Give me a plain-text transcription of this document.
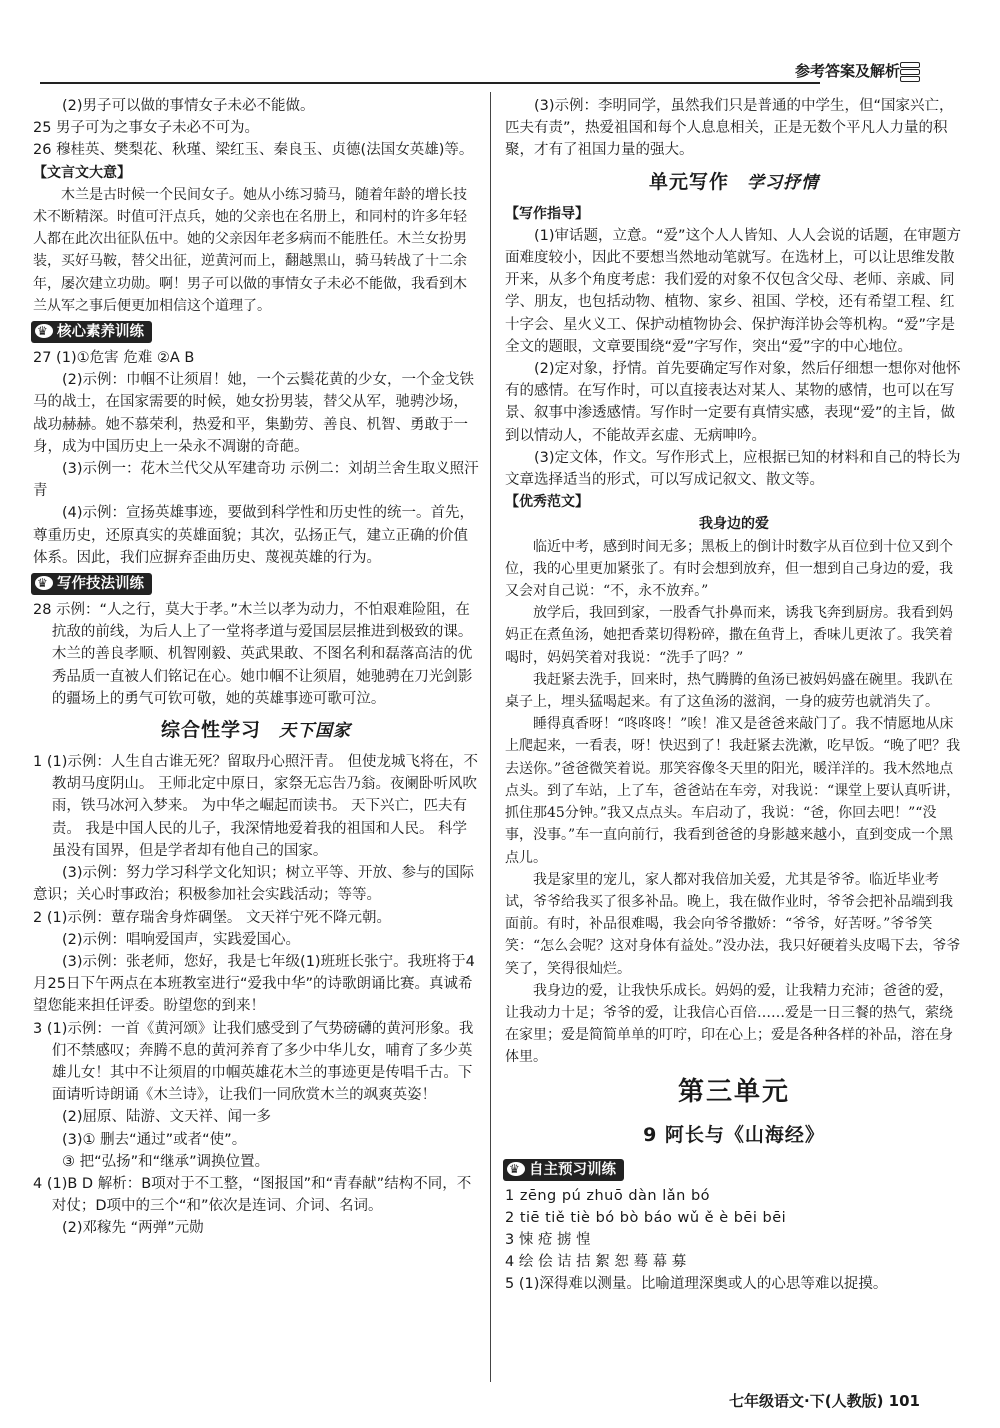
参考答案及解析

(2)男子可以做的事情女子未必不能做。

25 男子可为之事女子未必不可为。

26 穆桂英、樊梨花、秋瑾、梁红玉、秦良玉、贞德(法国女英雄)等。

【文言文大意】

木兰是古时候一个民间女子。她从小练习骑马，随着年龄的增长技术不断精深。时值可汗点兵，她的父亲也在名册上，和同村的许多年轻人都在此次出征队伍中。她的父亲因年老多病而不能胜任。木兰女扮男装，买好马鞍，替父出征，逆黄河而上，翻越黑山，骑马转战了十二余年，屡次建立功勋。啊！男子可以做的事情女子未必不能做，我看到木兰从军之事后便更加相信这个道理了。

♛核心素养训练

27 (1)①危害 危难 ②A B

(2)示例：巾帼不让须眉！她，一个云鬓花黄的少女，一个金戈铁马的战士，在国家需要的时候，她女扮男装，替父从军，驰骋沙场，战功赫赫。她不慕荣利，热爱和平，集勤劳、善良、机智、勇敢于一身，成为中国历史上一朵永不凋谢的奇葩。

(3)示例一：花木兰代父从军建奇功 示例二：刘胡兰舍生取义照汗青

(4)示例：宣扬英雄事迹，要做到科学性和历史性的统一。首先，尊重历史，还原真实的英雄面貌；其次，弘扬正气，建立正确的价值体系。因此，我们应摒弃歪曲历史、蔑视英雄的行为。

♛写作技法训练

28 示例：“人之行，莫大于孝。”木兰以孝为动力，不怕艰难险阻，在抗敌的前线，为后人上了一堂将孝道与爱国层层推进到极致的课。木兰的善良孝顺、机智刚毅、英武果敢、不图名利和磊落高洁的优秀品质一直被人们铭记在心。她巾帼不让须眉，她驰骋在刀光剑影的疆场上的勇气可钦可敬，她的英雄事迹可歌可泣。

综合性学习 天下国家

1 (1)示例：人生自古谁无死？留取丹心照汗青。 但使龙城飞将在，不教胡马度阴山。 王师北定中原日，家祭无忘告乃翁。夜阑卧听风吹雨，铁马冰河入梦来。 为中华之崛起而读书。 天下兴亡，匹夫有责。 我是中国人民的儿子，我深情地爱着我的祖国和人民。 科学虽没有国界，但是学者却有他自己的国家。

(3)示例：努力学习科学文化知识；树立平等、开放、参与的国际意识；关心时事政治；积极参加社会实践活动；等等。

2 (1)示例：蕈存瑞舍身炸碉堡。 文天祥宁死不降元朝。

(2)示例：唱响爱国声，实践爱国心。

(3)示例：张老师，您好，我是七年级(1)班班长张宁。我班将于4月25日下午两点在本班教室进行“爱我中华”的诗歌朗诵比赛。真诚希望您能来担任评委。盼望您的到来！

3 (1)示例：一首《黄河颂》让我们感受到了气势磅礴的黄河形象。我们不禁感叹；奔腾不息的黄河养育了多少中华儿女，哺育了多少英雄儿女！其中不让须眉的巾帼英雄花木兰的事迹更是传唱千古。下面请听诗朗诵《木兰诗》，让我们一同欣赏木兰的飒爽英姿！

(2)屈原、陆游、文天祥、闻一多

(3)① 删去“通过”或者“使”。

③ 把“弘扬”和“继承”调换位置。

4 (1)B D 解析：B项对于不工整，“图报国”和“青春献”结构不同，不对仗；D项中的三个“和”依次是连词、介词、名词。

(2)邓稼先 “两弹”元勋

(3)示例：李明同学，虽然我们只是普通的中学生，但“国家兴亡，匹夫有责”，热爱祖国和每个人息息相关，正是无数个平凡人力量的积聚，才有了祖国力量的强大。

单元写作 学习抒情

【写作指导】

(1)审话题，立意。“爱”这个人人皆知、人人会说的话题，在审题方面难度较小，因此不要想当然地动笔就写。在选材上，可以让思维发散开来，从多个角度考虑：我们爱的对象不仅包含父母、老师、亲戚、同学、朋友，也包括动物、植物、家乡、祖国、学校，还有希望工程、红十字会、星火义工、保护动植物协会、保护海洋协会等机构。“爱”字是全文的题眼，文章要围绕“爱”字写作，突出“爱”字的中心地位。

(2)定对象，抒情。首先要确定写作对象，然后仔细想一想你对他怀有的感情。在写作时，可以直接表达对某人、某物的感情，也可以在写景、叙事中渗透感情。写作时一定要有真情实感，表现“爱”的主旨，做到以情动人，不能故弄玄虚、无病呻吟。

(3)定文体，作文。写作形式上，应根据已知的材料和自己的特长为文章选择适当的形式，可以写成记叙文、散文等。

【优秀范文】

我身边的爱

临近中考，感到时间无多；黑板上的倒计时数字从百位到十位又到个位，我的心里更加紧张了。有时会想到放弃，但一想到自己身边的爱，我又会对自己说：“不，永不放弃。”

放学后，我回到家，一股香气扑鼻而来，诱我飞奔到厨房。我看到妈妈正在煮鱼汤，她把香菜切得粉碎，撒在鱼背上，香味儿更浓了。我笑着喝时，妈妈笑着对我说：“洗手了吗？”

我赶紧去洗手，回来时，热气腾腾的鱼汤已被妈妈盛在碗里。我趴在桌子上，埋头猛喝起来。有了这鱼汤的滋润，一身的疲劳也就消失了。

睡得真香呀！“咚咚咚！”唉！准又是爸爸来敲门了。我不情愿地从床上爬起来，一看表，呀！快迟到了！我赶紧去洗漱，吃早饭。“晚了吧？我去送你。”爸爸微笑着说。那笑容像冬天里的阳光，暖洋洋的。我木然地点点头。到了车站，上了车，爸爸站在车旁，对我说：“课堂上要认真听讲，抓住那45分钟。”我又点点头。车启动了，我说：“爸，你回去吧！”“没事，没事。”车一直向前行，我看到爸爸的身影越来越小，直到变成一个黑点儿。

我是家里的宠儿，家人都对我倍加关爱，尤其是爷爷。临近毕业考试，爷爷给我买了很多补品。晚上，我在做作业时，爷爷会把补品端到我面前。有时，补品很难喝，我会向爷爷撒娇：“爷爷，好苦呀。”爷爷笑笑：“怎么会呢？这对身体有益处。”没办法，我只好硬着头皮喝下去，爷爷笑了，笑得很灿烂。

我身边的爱，让我快乐成长。妈妈的爱，让我精力充沛；爸爸的爱，让我动力十足；爷爷的爱，让我信心百倍……爱是一日三餐的热气，萦绕在家里；爱是简简单单的叮咛，印在心上；爱是各种各样的补品，溶在身体里。

第三单元
9 阿长与《山海经》
♛自主预习训练

1 zēng pú zhuō dàn lǎn bó

2 tiē tiě tiè bó bò báo wǔ ě è bēi bēi

3 悚 疮 掳 惶

4 绘 侩 诘 拮 絮 恕 蓦 幕 募

5 (1)深得难以测量。比喻道理深奥或人的心思等难以捉摸。

七年级语文·下(人教版) 101
